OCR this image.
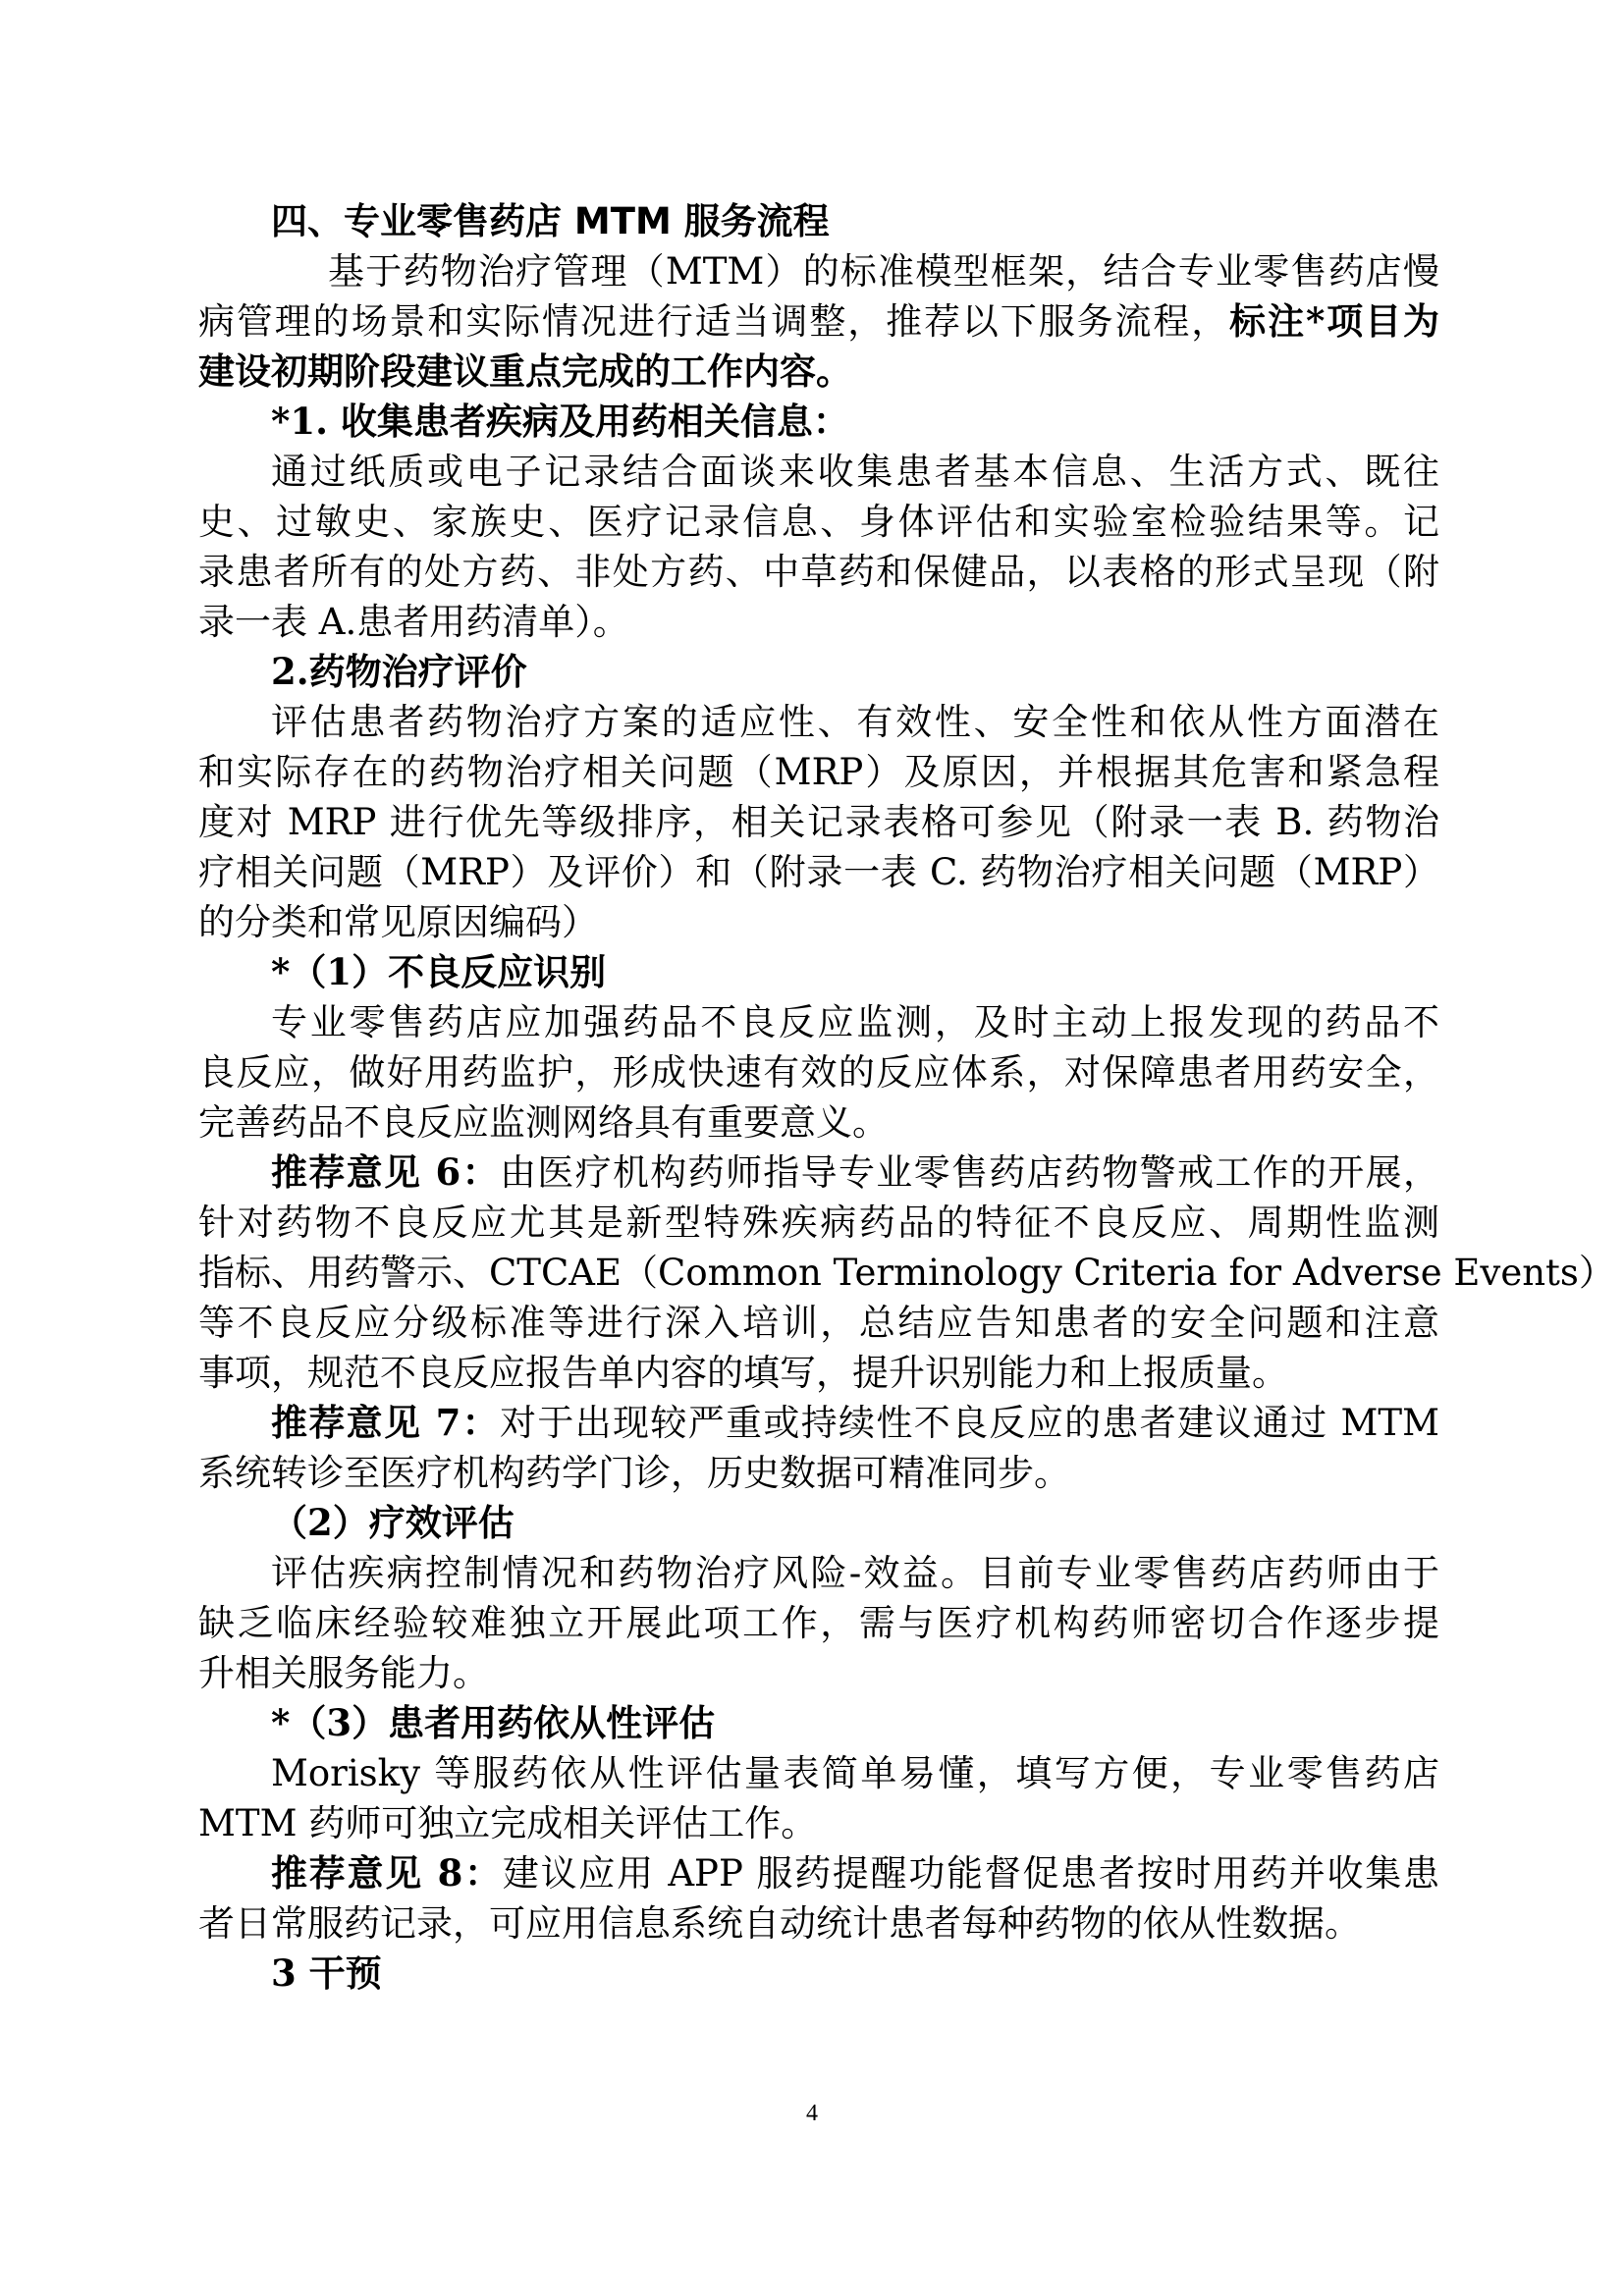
四、专业零售药店 MTM 服务流程
基于药物治疗管理（MTM）的标准模型框架，结合专业零售药店慢
病管理的场景和实际情况进行适当调整，推荐以下服务流程，标注*项目为
建设初期阶段建议重点完成的工作内容。
*1. 收集患者疾病及用药相关信息：
通过纸质或电子记录结合面谈来收集患者基本信息、生活方式、既往
史、过敏史、家族史、医疗记录信息、身体评估和实验室检验结果等。记
录患者所有的处方药、非处方药、中草药和保健品，以表格的形式呈现（附
录一表 A.患者用药清单）。
2.药物治疗评价
评估患者药物治疗方案的适应性、有效性、安全性和依从性方面潜在
和实际存在的药物治疗相关问题（MRP）及原因，并根据其危害和紧急程
度对 MRP 进行优先等级排序，相关记录表格可参见（附录一表 B. 药物治
疗相关问题（MRP）及评价）和（附录一表 C. 药物治疗相关问题（MRP）
的分类和常见原因编码）
*（1）不良反应识别
专业零售药店应加强药品不良反应监测，及时主动上报发现的药品不
良反应，做好用药监护，形成快速有效的反应体系，对保障患者用药安全，
完善药品不良反应监测网络具有重要意义。
推荐意见 6：由医疗机构药师指导专业零售药店药物警戒工作的开展，
针对药物不良反应尤其是新型特殊疾病药品的特征不良反应、周期性监测
指标、用药警示、CTCAE（Common Terminology Criteria for Adverse Events）
等不良反应分级标准等进行深入培训，总结应告知患者的安全问题和注意
事项，规范不良反应报告单内容的填写，提升识别能力和上报质量。
推荐意见 7：对于出现较严重或持续性不良反应的患者建议通过 MTM
系统转诊至医疗机构药学门诊，历史数据可精准同步。
（2）疗效评估
评估疾病控制情况和药物治疗风险-效益。目前专业零售药店药师由于
缺乏临床经验较难独立开展此项工作，需与医疗机构药师密切合作逐步提
升相关服务能力。
*（3）患者用药依从性评估
Morisky 等服药依从性评估量表简单易懂，填写方便，专业零售药店
MTM 药师可独立完成相关评估工作。
推荐意见 8：建议应用 APP 服药提醒功能督促患者按时用药并收集患
者日常服药记录，可应用信息系统自动统计患者每种药物的依从性数据。
3 干预
4
